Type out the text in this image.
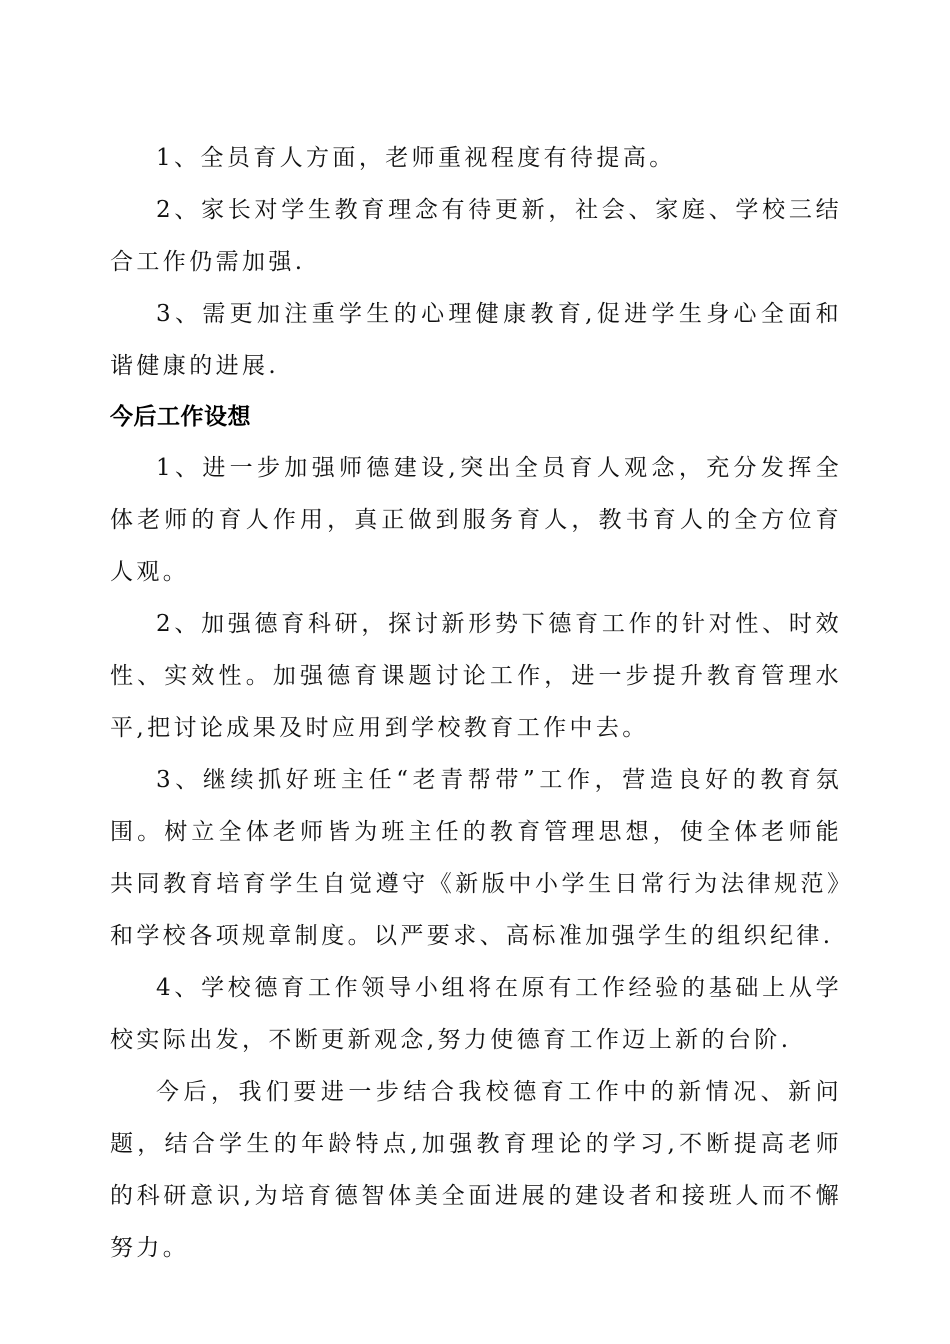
1、全员育人方面，老师重视程度有待提高。

2、家长对学生教育理念有待更新，社会、家庭、学校三结合工作仍需加强.

3、需更加注重学生的心理健康教育,促进学生身心全面和谐健康的进展.

今后工作设想

1、进一步加强师德建设,突出全员育人观念，充分发挥全体老师的育人作用，真正做到服务育人，教书育人的全方位育人观。

2、加强德育科研，探讨新形势下德育工作的针对性、时效性、实效性。加强德育课题讨论工作，进一步提升教育管理水平,把讨论成果及时应用到学校教育工作中去。

3、继续抓好班主任“老青帮带”工作，营造良好的教育氛围。树立全体老师皆为班主任的教育管理思想，使全体老师能共同教育培育学生自觉遵守《新版中小学生日常行为法律规范》和学校各项规章制度。以严要求、高标准加强学生的组织纪律.

4、学校德育工作领导小组将在原有工作经验的基础上从学校实际出发，不断更新观念,努力使德育工作迈上新的台阶.

今后，我们要进一步结合我校德育工作中的新情况、新问题，结合学生的年龄特点,加强教育理论的学习,不断提高老师的科研意识,为培育德智体美全面进展的建设者和接班人而不懈努力。
